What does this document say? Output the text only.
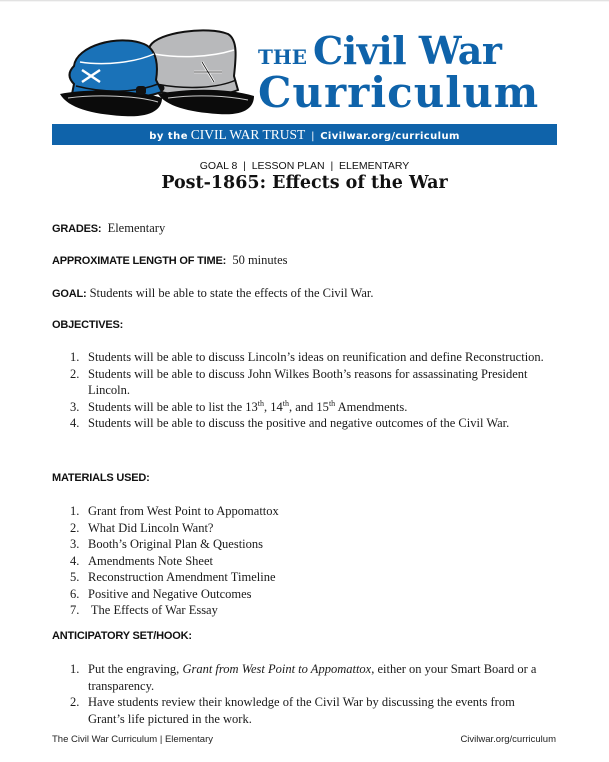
THE Civil War
Curriculum
by the CIVIL WAR TRUST | Civilwar.org/curriculum
GOAL 8  |  LESSON PLAN  |  ELEMENTARY
Post-1865: Effects of the War
GRADES: Elementary
APPROXIMATE LENGTH OF TIME: 50 minutes
GOAL: Students will be able to state the effects of the Civil War.
OBJECTIVES:
1. Students will be able to discuss Lincoln’s ideas on reunification and define Reconstruction.
2. Students will be able to discuss John Wilkes Booth’s reasons for assassinating President Lincoln.
3. Students will be able to list the 13th, 14th, and 15th Amendments.
4. Students will be able to discuss the positive and negative outcomes of the Civil War.
MATERIALS USED:
1. Grant from West Point to Appomattox
2. What Did Lincoln Want?
3. Booth’s Original Plan & Questions
4. Amendments Note Sheet
5. Reconstruction Amendment Timeline
6. Positive and Negative Outcomes
7. The Effects of War Essay
ANTICIPATORY SET/HOOK:
1. Put the engraving, Grant from West Point to Appomattox, either on your Smart Board or a transparency.
2. Have students review their knowledge of the Civil War by discussing the events from Grant’s life pictured in the work.
The Civil War Curriculum | Elementary	Civilwar.org/curriculum
